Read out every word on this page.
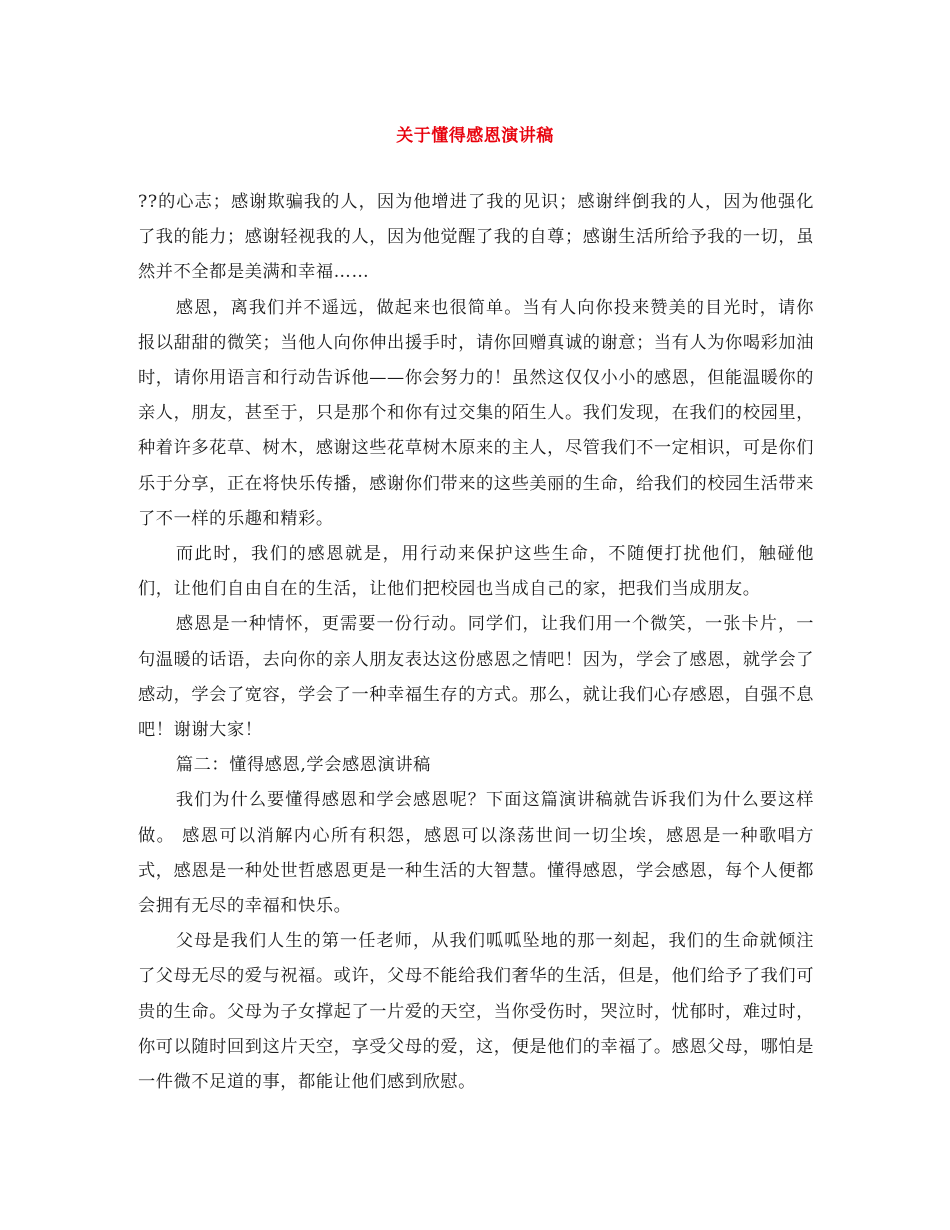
关于懂得感恩演讲稿

??的心志；感谢欺骗我的人，因为他增进了我的见识；感谢绊倒我的人，因为他强化了我的能力；感谢轻视我的人，因为他觉醒了我的自尊；感谢生活所给予我的一切，虽然并不全都是美满和幸福……

感恩，离我们并不遥远，做起来也很简单。当有人向你投来赞美的目光时，请你报以甜甜的微笑；当他人向你伸出援手时，请你回赠真诚的谢意；当有人为你喝彩加油时，请你用语言和行动告诉他——你会努力的！虽然这仅仅小小的感恩，但能温暖你的亲人，朋友，甚至于，只是那个和你有过交集的陌生人。我们发现，在我们的校园里，种着许多花草、树木，感谢这些花草树木原来的主人，尽管我们不一定相识，可是你们乐于分享，正在将快乐传播，感谢你们带来的这些美丽的生命，给我们的校园生活带来了不一样的乐趣和精彩。

而此时，我们的感恩就是，用行动来保护这些生命，不随便打扰他们，触碰他们，让他们自由自在的生活，让他们把校园也当成自己的家，把我们当成朋友。

感恩是一种情怀，更需要一份行动。同学们，让我们用一个微笑，一张卡片，一句温暖的话语，去向你的亲人朋友表达这份感恩之情吧！因为，学会了感恩，就学会了感动，学会了宽容，学会了一种幸福生存的方式。那么，就让我们心存感恩，自强不息吧！谢谢大家！

篇二：懂得感恩,学会感恩演讲稿

我们为什么要懂得感恩和学会感恩呢？下面这篇演讲稿就告诉我们为什么要这样做。 感恩可以消解内心所有积怨，感恩可以涤荡世间一切尘埃，感恩是一种歌唱方式，感恩是一种处世哲感恩更是一种生活的大智慧。懂得感恩，学会感恩，每个人便都会拥有无尽的幸福和快乐。

父母是我们人生的第一任老师，从我们呱呱坠地的那一刻起，我们的生命就倾注了父母无尽的爱与祝福。或许，父母不能给我们奢华的生活，但是，他们给予了我们可贵的生命。父母为子女撑起了一片爱的天空，当你受伤时，哭泣时，忧郁时，难过时，你可以随时回到这片天空，享受父母的爱，这，便是他们的幸福了。感恩父母，哪怕是一件微不足道的事，都能让他们感到欣慰。
